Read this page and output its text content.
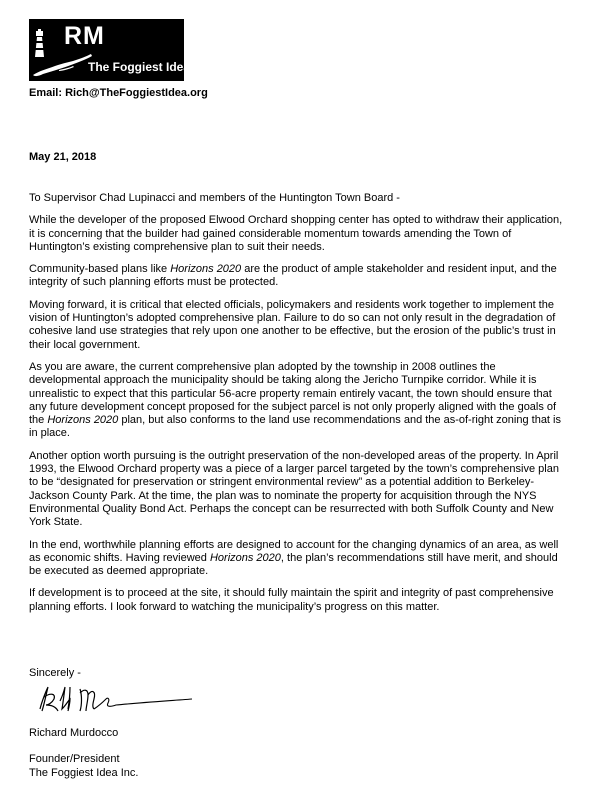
RM
The Foggiest Idea
Email: Rich@TheFoggiestIdea.org
May 21, 2018

To Supervisor Chad Lupinacci and members of the Huntington Town Board -

While the developer of the proposed Elwood Orchard shopping center has opted to withdraw their application, it is concerning that the builder had gained considerable momentum towards amending the Town of Huntington’s existing comprehensive plan to suit their needs.

Community-based plans like Horizons 2020 are the product of ample stakeholder and resident input, and the integrity of such planning efforts must be protected.

Moving forward, it is critical that elected officials, policymakers and residents work together to implement the vision of Huntington’s adopted comprehensive plan. Failure to do so can not only result in the degradation of cohesive land use strategies that rely upon one another to be effective, but the erosion of the public’s trust in their local government.

As you are aware, the current comprehensive plan adopted by the township in 2008 outlines the developmental approach the municipality should be taking along the Jericho Turnpike corridor. While it is unrealistic to expect that this particular 56-acre property remain entirely vacant, the town should ensure that any future development concept proposed for the subject parcel is not only properly aligned with the goals of the Horizons 2020 plan, but also conforms to the land use recommendations and the as-of-right zoning that is in place.

Another option worth pursuing is the outright preservation of the non-developed areas of the property. In April 1993, the Elwood Orchard property was a piece of a larger parcel targeted by the town’s comprehensive plan to be “designated for preservation or stringent environmental review” as a potential addition to Berkeley-Jackson County Park. At the time, the plan was to nominate the property for acquisition through the NYS Environmental Quality Bond Act. Perhaps the concept can be resurrected with both Suffolk County and New York State.

In the end, worthwhile planning efforts are designed to account for the changing dynamics of an area, as well as economic shifts. Having reviewed Horizons 2020, the plan’s recommendations still have merit, and should be executed as deemed appropriate.

If development is to proceed at the site, it should fully maintain the spirit and integrity of past comprehensive planning efforts. I look forward to watching the municipality’s progress on this matter.

Sincerely -
Richard Murdocco
Founder/President
The Foggiest Idea Inc.
